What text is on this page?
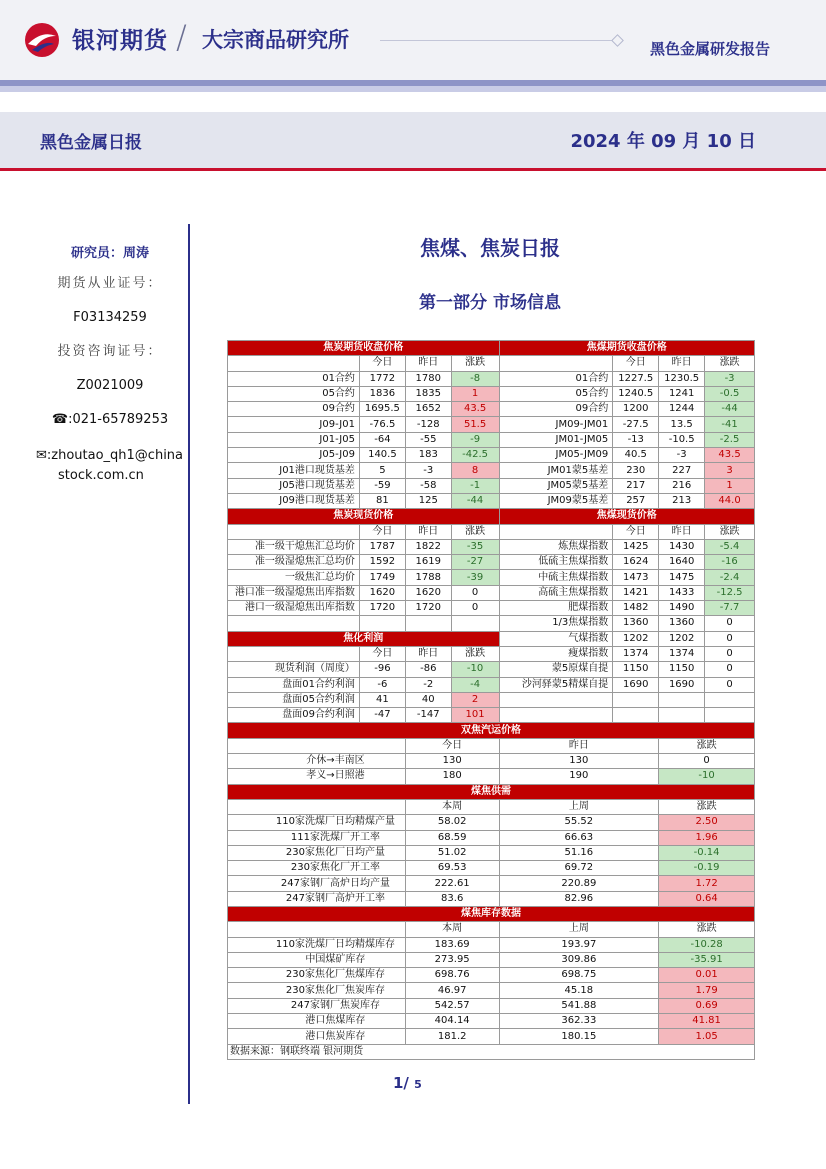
银河期货 / 大宗商品研究所	黑色金属研发报告
黑色金属日报	2024 年 09 月 10 日
研究员：周涛
期货从业证号：
F03134259
投资咨询证号：
Z0021009
☎:021-65789253
✉:zhoutao_qh1@china
stock.com.cn
焦煤、焦炭日报
第一部分 市场信息
焦炭期货收盘价格				焦煤期货收盘价格			
	今日	昨日	涨跌		今日	昨日	涨跌
01合约	1772	1780	-8	01合约	1227.5	1230.5	-3
05合约	1836	1835	1	05合约	1240.5	1241	-0.5
09合约	1695.5	1652	43.5	09合约	1200	1244	-44
J09-J01	-76.5	-128	51.5	JM09-JM01	-27.5	13.5	-41
J01-J05	-64	-55	-9	JM01-JM05	-13	-10.5	-2.5
J05-J09	140.5	183	-42.5	JM05-JM09	40.5	-3	43.5
J01港口现货基差	5	-3	8	JM01蒙5基差	230	227	3
J05港口现货基差	-59	-58	-1	JM05蒙5基差	217	216	1
J09港口现货基差	81	125	-44	JM09蒙5基差	257	213	44.0
焦炭现货价格				焦煤现货价格			
	今日	昨日	涨跌		今日	昨日	涨跌
准一级干熄焦汇总均价	1787	1822	-35	炼焦煤指数	1425	1430	-5.4
准一级湿熄焦汇总均价	1592	1619	-27	低硫主焦煤指数	1624	1640	-16
一级焦汇总均价	1749	1788	-39	中硫主焦煤指数	1473	1475	-2.4
港口准一级湿熄焦出库指数	1620	1620	0	高硫主焦煤指数	1421	1433	-12.5
港口一级湿熄焦出库指数	1720	1720	0	肥煤指数	1482	1490	-7.7
				1/3焦煤指数	1360	1360	0
焦化利润				气煤指数	1202	1202	0
	今日	昨日	涨跌	瘦煤指数	1374	1374	0
现货利润（周度）	-96	-86	-10	蒙5原煤自提	1150	1150	0
盘面01合约利润	-6	-2	-4	沙河驿蒙5精煤自提	1690	1690	0
盘面05合约利润	41	40	2				
盘面09合约利润	-47	-147	101				
双焦汽运价格							
		今日		昨日		涨跌	
介休→丰南区		130		130		0	
孝义→日照港		180		190		-10	
煤焦供需							
		本周		上周		涨跌	
110家洗煤厂日均精煤产量		58.02		55.52		2.50	
111家洗煤厂开工率		68.59		66.63		1.96	
230家焦化厂日均产量		51.02		51.16		-0.14	
230家焦化厂开工率		69.53		69.72		-0.19	
247家钢厂高炉日均产量		222.61		220.89		1.72	
247家钢厂高炉开工率		83.6		82.96		0.64	
煤焦库存数据							
		本周		上周		涨跌	
110家洗煤厂日均精煤库存		183.69		193.97		-10.28	
中国煤矿库存		273.95		309.86		-35.91	
230家焦化厂焦煤库存		698.76		698.75		0.01	
230家焦化厂焦炭库存		46.97		45.18		1.79	
247家钢厂焦炭库存		542.57		541.88		0.69	
港口焦煤库存		404.14		362.33		41.81	
港口焦炭库存		181.2		180.15		1.05	
数据来源：钢联终端 银河期货							
1/ 5
